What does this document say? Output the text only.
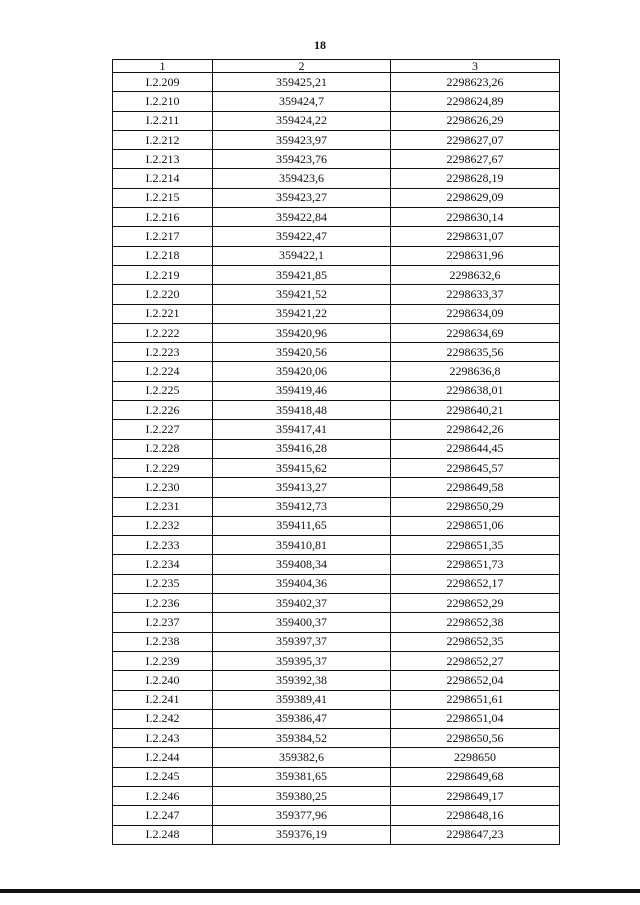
18
1	2	3
I.2.209	359425,21	2298623,26
I.2.210	359424,7	2298624,89
I.2.211	359424,22	2298626,29
I.2.212	359423,97	2298627,07
I.2.213	359423,76	2298627,67
I.2.214	359423,6	2298628,19
I.2.215	359423,27	2298629,09
I.2.216	359422,84	2298630,14
I.2.217	359422,47	2298631,07
I.2.218	359422,1	2298631,96
I.2.219	359421,85	2298632,6
I.2.220	359421,52	2298633,37
I.2.221	359421,22	2298634,09
I.2.222	359420,96	2298634,69
I.2.223	359420,56	2298635,56
I.2.224	359420,06	2298636,8
I.2.225	359419,46	2298638,01
I.2.226	359418,48	2298640,21
I.2.227	359417,41	2298642,26
I.2.228	359416,28	2298644,45
I.2.229	359415,62	2298645,57
I.2.230	359413,27	2298649,58
I.2.231	359412,73	2298650,29
I.2.232	359411,65	2298651,06
I.2.233	359410,81	2298651,35
I.2.234	359408,34	2298651,73
I.2.235	359404,36	2298652,17
I.2.236	359402,37	2298652,29
I.2.237	359400,37	2298652,38
I.2.238	359397,37	2298652,35
I.2.239	359395,37	2298652,27
I.2.240	359392,38	2298652,04
I.2.241	359389,41	2298651,61
I.2.242	359386,47	2298651,04
I.2.243	359384,52	2298650,56
I.2.244	359382,6	2298650
I.2.245	359381,65	2298649,68
I.2.246	359380,25	2298649,17
I.2.247	359377,96	2298648,16
I.2.248	359376,19	2298647,23
